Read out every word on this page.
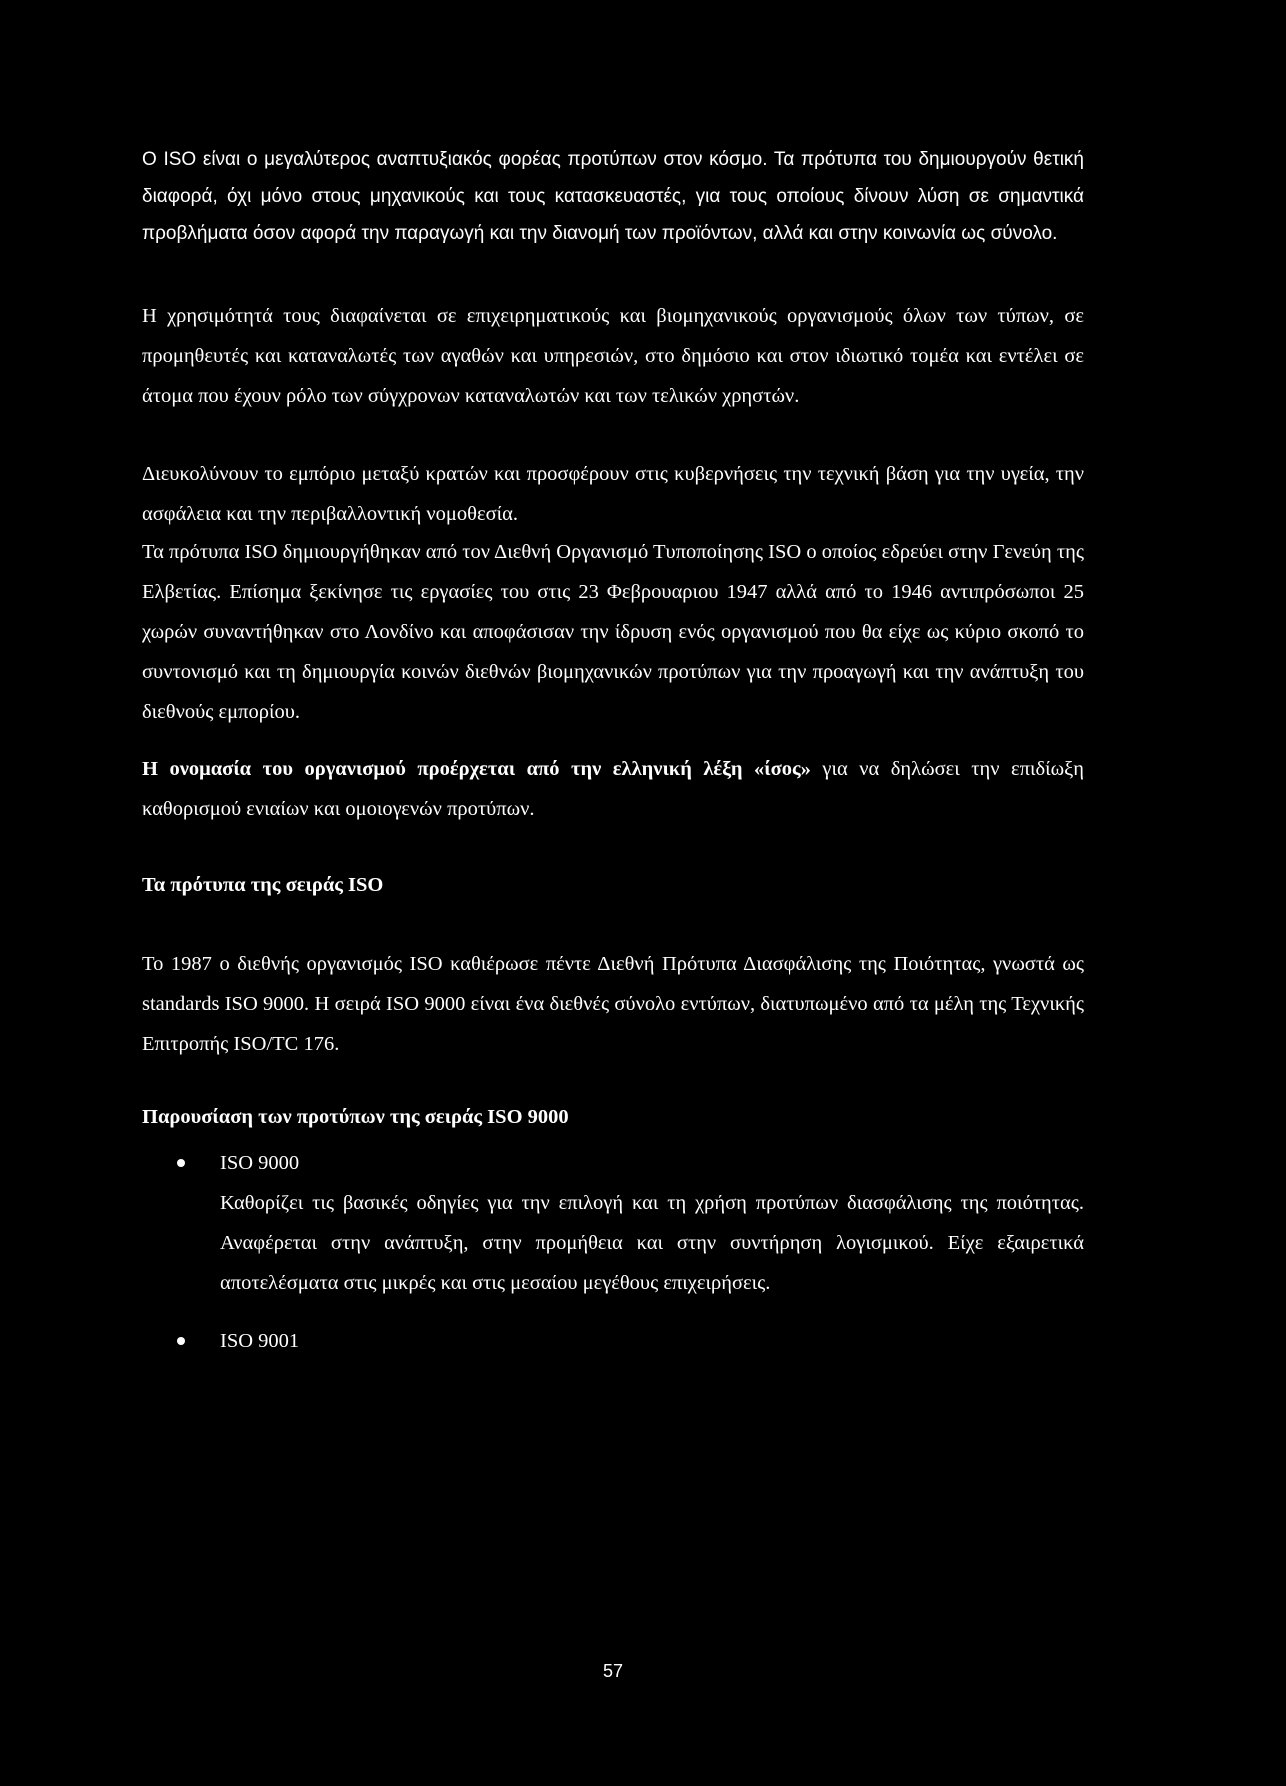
Ο ISO είναι ο μεγαλύτερος αναπτυξιακός φορέας προτύπων στον κόσμο. Τα πρότυπα του δημιουργούν θετική διαφορά, όχι μόνο στους μηχανικούς και τους κατασκευαστές, για τους οποίους δίνουν λύση σε σημαντικά προβλήματα όσον αφορά την παραγωγή και την διανομή των προϊόντων, αλλά και στην κοινωνία ως σύνολο.

Η χρησιμότητά τους διαφαίνεται σε επιχειρηματικούς και βιομηχανικούς οργανισμούς όλων των τύπων, σε προμηθευτές και καταναλωτές των αγαθών και υπηρεσιών, στο δημόσιο και στον ιδιωτικό τομέα και εντέλει σε άτομα που έχουν ρόλο των σύγχρονων καταναλωτών και των τελικών χρηστών.

Διευκολύνουν το εμπόριο μεταξύ κρατών και προσφέρουν στις κυβερνήσεις την τεχνική βάση για την υγεία, την ασφάλεια και την περιβαλλοντική νομοθεσία.

Τα πρότυπα ISO δημιουργήθηκαν από τον Διεθνή Οργανισμό Τυποποίησης ISO ο οποίος εδρεύει στην Γενεύη της Ελβετίας. Επίσημα ξεκίνησε τις εργασίες του στις 23 Φεβρουαριου 1947 αλλά από το 1946 αντιπρόσωποι 25 χωρών συναντήθηκαν στο Λονδίνο και αποφάσισαν την ίδρυση ενός οργανισμού που θα είχε ως κύριο σκοπό το συντονισμό και τη δημιουργία κοινών διεθνών βιομηχανικών προτύπων για την προαγωγή και την ανάπτυξη του διεθνούς εμπορίου.

Η ονομασία του οργανισμού προέρχεται από την ελληνική λέξη «ίσος» για να δηλώσει την επιδίωξη καθορισμού ενιαίων και ομοιογενών προτύπων.

Τα πρότυπα της σειράς ISO

Το 1987 ο διεθνής οργανισμός ISO καθιέρωσε πέντε Διεθνή Πρότυπα Διασφάλισης της Ποιότητας, γνωστά ως standards ISO 9000. Η σειρά ISO 9000 είναι ένα διεθνές σύνολο εντύπων, διατυπωμένο από τα μέλη της Τεχνικής Επιτροπής ISO/TC 176.

Παρουσίαση των προτύπων της σειράς ISO 9000
ISO 9000
Καθορίζει τις βασικές οδηγίες για την επιλογή και τη χρήση προτύπων διασφάλισης της ποιότητας. Αναφέρεται στην ανάπτυξη, στην προμήθεια και στην συντήρηση λογισμικού. Είχε εξαιρετικά αποτελέσματα στις μικρές και στις μεσαίου μεγέθους επιχειρήσεις.
ISO 9001
57
